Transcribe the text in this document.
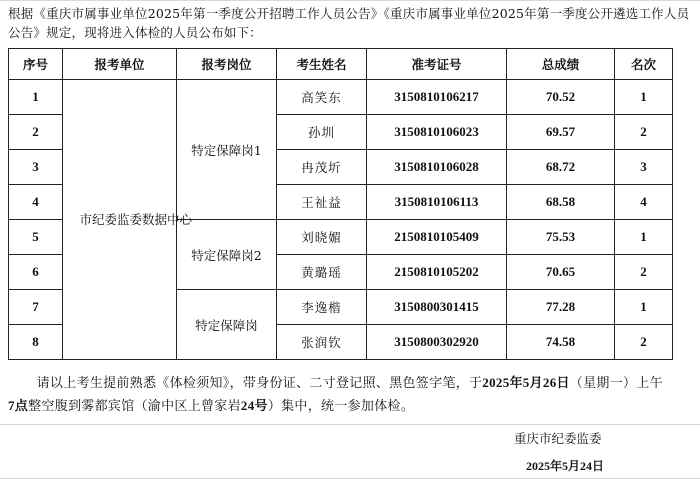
根据《重庆市属事业单位2025年第一季度公开招聘工作人员公告》《重庆市属事业单位2025年第一季度公开遴选工作人员公告》规定，现将进入体检的人员公布如下：
序号	报考单位	报考岗位	考生姓名	准考证号	总成绩	名次
1	市纪委监委数据中心	特定保障岗1	高笑东	3150810106217	70.52	1
2			孙圳	3150810106023	69.57	2
3			冉茂圻	3150810106028	68.72	3
4			王祉益	3150810106113	68.58	4
5		特定保障岗2	刘晓媚	2150810105409	75.53	1
6			黄璐瑶	2150810105202	70.65	2
7		特定保障岗	李逸楷	3150800301415	77.28	1
8			张润钦	3150800302920	74.58	2
请以上考生提前熟悉《体检须知》，带身份证、二寸登记照、黑色签字笔，于2025年5月26日（星期一）上午7点整空腹到雾都宾馆（渝中区上曾家岩24号）集中，统一参加体检。
重庆市纪委监委
2025年5月24日
